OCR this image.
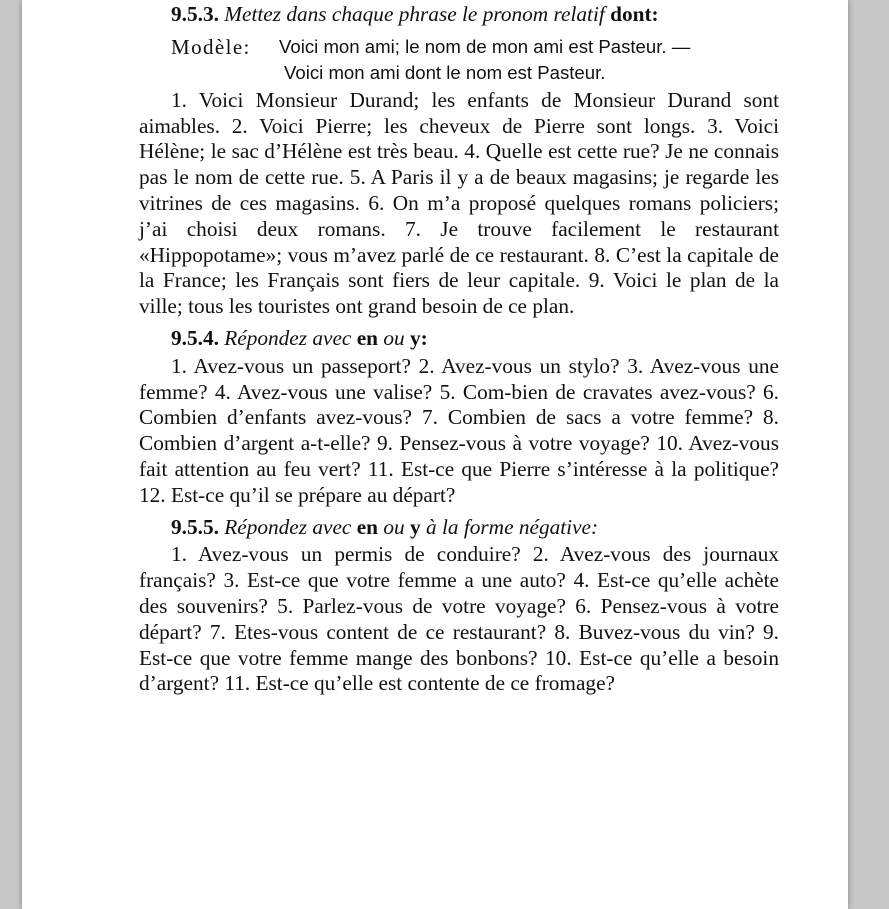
9.5.3. Mettez dans chaque phrase le pronom relatif dont:

Modèle:	Voici mon ami; le nom de mon ami est Pasteur. —
Voici mon ami dont le nom est Pasteur.

1. Voici Monsieur Durand; les enfants de Monsieur Durand sont aimables. 2. Voici Pierre; les cheveux de Pierre sont longs. 3. Voici Hélène; le sac d’Hélène est très beau. 4. Quelle est cette rue? Je ne connais pas le nom de cette rue. 5. A Paris il y a de beaux magasins; je regarde les vitrines de ces magasins. 6. On m’a proposé quelques romans policiers; j’ai choisi deux romans. 7. Je trouve facilement le restaurant «Hippopotame»; vous m’avez parlé de ce restaurant. 8. C’est la capitale de la France; les Français sont fiers de leur capitale. 9. Voici le plan de la ville; tous les touristes ont grand besoin de ce plan.

9.5.4. Répondez avec en ou y:

1. Avez-vous un passeport? 2. Avez-vous un stylo? 3. Avez-vous une femme? 4. Avez-vous une valise? 5. Com-bien de cravates avez-vous? 6. Combien d’enfants avez-vous? 7. Combien de sacs a votre femme? 8. Combien d’argent a-t-elle? 9. Pensez-vous à votre voyage? 10. Avez-vous fait attention au feu vert? 11. Est-ce que Pierre s’intéresse à la politique? 12. Est-ce qu’il se prépare au départ?

9.5.5. Répondez avec en ou y à la forme négative:

1. Avez-vous un permis de conduire? 2. Avez-vous des journaux français? 3. Est-ce que votre femme a une auto? 4. Est-ce qu’elle achète des souvenirs? 5. Parlez-vous de votre voyage? 6. Pensez-vous à votre départ? 7. Etes-vous content de ce restaurant? 8. Buvez-vous du vin? 9. Est-ce que votre femme mange des bonbons? 10. Est-ce qu’elle a besoin d’argent? 11. Est-ce qu’elle est contente de ce fromage?
